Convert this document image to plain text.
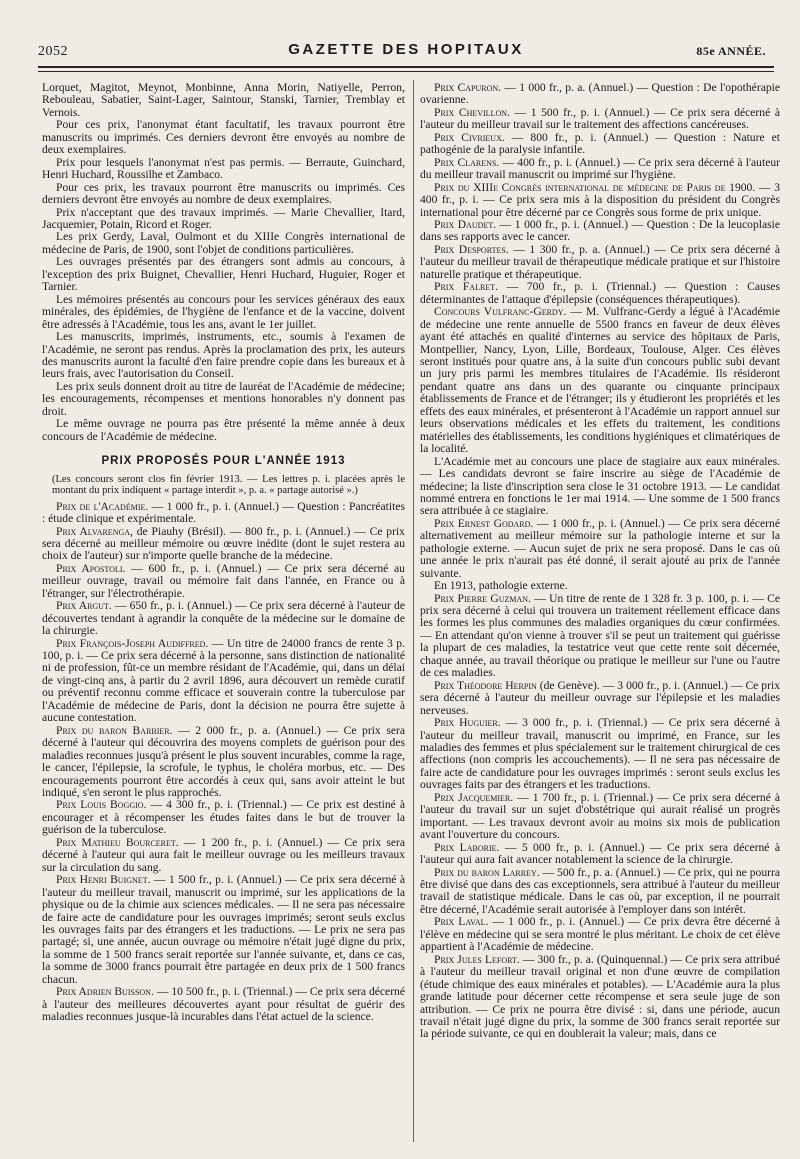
2052	GAZETTE DES HOPITAUX	85e ANNÉE.

Lorquet, Magitot, Meynot, Monbinne, Anna Morin, Natiyelle, Perron, Rebouleau, Sabatier, Saint-Lager, Saintour, Stanski, Tarnier, Tremblay et Vernois.

Pour ces prix, l'anonymat étant facultatif, les travaux pourront être manuscrits ou imprimés. Ces derniers devront être envoyés au nombre de deux exemplaires.

Prix pour lesquels l'anonymat n'est pas permis. — Berraute, Guinchard, Henri Huchard, Roussilhe et Zambaco.

Pour ces prix, les travaux pourront être manuscrits ou imprimés. Ces derniers devront être envoyés au nombre de deux exemplaires.

Prix n'acceptant que des travaux imprimés. — Marie Chevallier, Itard, Jacquemier, Potain, Ricord et Roger.

Les prix Gerdy, Laval, Oulmont et du XIIIe Congrès international de médecine de Paris, de 1900, sont l'objet de conditions particulières.

Les ouvrages présentés par des étrangers sont admis au concours, à l'exception des prix Buignet, Chevallier, Henri Huchard, Huguier, Roger et Tarnier.

Les mémoires présentés au concours pour les services généraux des eaux minérales, des épidémies, de l'hygiène de l'enfance et de la vaccine, doivent être adressés à l'Académie, tous les ans, avant le 1er juillet.

Les manuscrits, imprimés, instruments, etc., soumis à l'examen de l'Académie, ne seront pas rendus. Après la proclamation des prix, les auteurs des manuscrits auront la faculté d'en faire prendre copie dans les bureaux et à leurs frais, avec l'autorisation du Conseil.

Les prix seuls donnent droit au titre de lauréat de l'Académie de médecine; les encouragements, récompenses et mentions honorables n'y donnent pas droit.

Le même ouvrage ne pourra pas être présenté la même année à deux concours de l'Académie de médecine.

PRIX PROPOSÉS POUR L'ANNÉE 1913

(Les concours seront clos fin février 1913. — Les lettres p. i. placées après le montant du prix indiquent « partage interdit », p. a. « partage autorisé ».)

Prix de l'Académie. — 1 000 fr., p. i. (Annuel.) — Question : Pancréatites : étude clinique et expérimentale.

Prix Alvarenga, de Piauhy (Brésil). — 800 fr., p. i. (Annuel.) — Ce prix sera décerné au meilleur mémoire ou œuvre inédite (dont le sujet restera au choix de l'auteur) sur n'importe quelle branche de la médecine.

Prix Apostoli. — 600 fr., p. i. (Annuel.) — Ce prix sera décerné au meilleur ouvrage, travail ou mémoire fait dans l'année, en France ou à l'étranger, sur l'électrothérapie.

Prix Argut. — 650 fr., p. i. (Annuel.) — Ce prix sera décerné à l'auteur de découvertes tendant à agrandir la conquête de la médecine sur le domaine de la chirurgie.

Prix François-Joseph Audiffred. — Un titre de 24000 francs de rente 3 p. 100, p. i. — Ce prix sera décerné à la personne, sans distinction de nationalité ni de profession, fût-ce un membre résidant de l'Académie, qui, dans un délai de vingt-cinq ans, à partir du 2 avril 1896, aura découvert un remède curatif ou préventif reconnu comme efficace et souverain contre la tuberculose par l'Académie de médecine de Paris, dont la décision ne pourra être sujette à aucune contestation.

Prix du baron Barbier. — 2 000 fr., p. a. (Annuel.) — Ce prix sera décerné à l'auteur qui découvrira des moyens complets de guérison pour des maladies reconnues jusqu'à présent le plus souvent incurables, comme la rage, le cancer, l'épilepsie, la scrofule, le typhus, le choléra morbus, etc. — Des encouragements pourront être accordés à ceux qui, sans avoir atteint le but indiqué, s'en seront le plus rapprochés.

Prix Louis Boggio. — 4 300 fr., p. i. (Triennal.) — Ce prix est destiné à encourager et à récompenser les études faites dans le but de trouver la guérison de la tuberculose.

Prix Mathieu Bourceret. — 1 200 fr., p. i. (Annuel.) — Ce prix sera décerné à l'auteur qui aura fait le meilleur ouvrage ou les meilleurs travaux sur la circulation du sang.

Prix Henri Buignet. — 1 500 fr., p. i. (Annuel.) — Ce prix sera décerné à l'auteur du meilleur travail, manuscrit ou imprimé, sur les applications de la physique ou de la chimie aux sciences médicales. — Il ne sera pas nécessaire de faire acte de candidature pour les ouvrages imprimés; seront seuls exclus les ouvrages faits par des étrangers et les traductions. — Le prix ne sera pas partagé; si, une année, aucun ouvrage ou mémoire n'était jugé digne du prix, la somme de 1 500 francs serait reportée sur l'année suivante, et, dans ce cas, la somme de 3000 francs pourrait être partagée en deux prix de 1 500 francs chacun.

Prix Adrien Buisson. — 10 500 fr., p. i. (Triennal.) — Ce prix sera décerné à l'auteur des meilleures découvertes ayant pour résultat de guérir des maladies reconnues jusque-là incurables dans l'état actuel de la science.

Prix Capuron. — 1 000 fr., p. a. (Annuel.) — Question : De l'opothérapie ovarienne.

Prix Chevillon. — 1 500 fr., p. i. (Annuel.) — Ce prix sera décerné à l'auteur du meilleur travail sur le traitement des affections cancéreuses.

Prix Civrieux. — 800 fr., p. i. (Annuel.) — Question : Nature et pathogénie de la paralysie infantile.

Prix Clarens. — 400 fr., p. i. (Annuel.) — Ce prix sera décerné à l'auteur du meilleur travail manuscrit ou imprimé sur l'hygiène.

Prix du XIIIe Congrès international de médecine de Paris de 1900. — 3 400 fr., p. i. — Ce prix sera mis à la disposition du président du Congrès international pour être décerné par ce Congrès sous forme de prix unique.

Prix Daudet. — 1 000 fr., p. i. (Annuel.) — Question : De la leucoplasie dans ses rapports avec le cancer.

Prix Desportes. — 1 300 fr., p. a. (Annuel.) — Ce prix sera décerné à l'auteur du meilleur travail de thérapeutique médicale pratique et sur l'histoire naturelle pratique et thérapeutique.

Prix Falret. — 700 fr., p. i. (Triennal.) — Question : Causes déterminantes de l'attaque d'épilepsie (conséquences thérapeutiques).

Concours Vulfranc-Gerdy. — M. Vulfranc-Gerdy a légué à l'Académie de médecine une rente annuelle de 5500 francs en faveur de deux élèves ayant été attachés en qualité d'internes au service des hôpitaux de Paris, Montpellier, Nancy, Lyon, Lille, Bordeaux, Toulouse, Alger. Ces élèves seront institués pour quatre ans, à la suite d'un concours public subi devant un jury pris parmi les membres titulaires de l'Académie. Ils résideront pendant quatre ans dans un des quarante ou cinquante principaux établissements de France et de l'étranger; ils y étudieront les propriétés et les effets des eaux minérales, et présenteront à l'Académie un rapport annuel sur leurs observations médicales et les effets du traitement, les conditions matérielles des établissements, les conditions hygiéniques et climatériques de la localité.

L'Académie met au concours une place de stagiaire aux eaux minérales. — Les candidats devront se faire inscrire au siège de l'Académie de médecine; la liste d'inscription sera close le 31 octobre 1913. — Le candidat nommé entrera en fonctions le 1er mai 1914. — Une somme de 1 500 francs sera attribuée à ce stagiaire.

Prix Ernest Godard. — 1 000 fr., p. i. (Annuel.) — Ce prix sera décerné alternativement au meilleur mémoire sur la pathologie interne et sur la pathologie externe. — Aucun sujet de prix ne sera proposé. Dans le cas où une année le prix n'aurait pas été donné, il serait ajouté au prix de l'année suivante.

En 1913, pathologie externe.

Prix Pierre Guzman. — Un titre de rente de 1 328 fr. 3 p. 100, p. i. — Ce prix sera décerné à celui qui trouvera un traitement réellement efficace dans les formes les plus communes des maladies organiques du cœur confirmées. — En attendant qu'on vienne à trouver s'il se peut un traitement qui guérisse la plupart de ces maladies, la testatrice veut que cette rente soit décernée, chaque année, au travail théorique ou pratique le meilleur sur l'une ou l'autre de ces maladies.

Prix Théodore Herpin (de Genève). — 3 000 fr., p. i. (Annuel.) — Ce prix sera décerné à l'auteur du meilleur ouvrage sur l'épilepsie et les maladies nerveuses.

Prix Huguier. — 3 000 fr., p. i. (Triennal.) — Ce prix sera décerné à l'auteur du meilleur travail, manuscrit ou imprimé, en France, sur les maladies des femmes et plus spécialement sur le traitement chirurgical de ces affections (non compris les accouchements). — Il ne sera pas nécessaire de faire acte de candidature pour les ouvrages imprimés : seront seuls exclus les ouvrages faits par des étrangers et les traductions.

Prix Jacquemier. — 1 700 fr., p. i. (Triennal.) — Ce prix sera décerné à l'auteur du travail sur un sujet d'obstétrique qui aurait réalisé un progrès important. — Les travaux devront avoir au moins six mois de publication avant l'ouverture du concours.

Prix Laborie. — 5 000 fr., p. i. (Annuel.) — Ce prix sera décerné à l'auteur qui aura fait avancer notablement la science de la chirurgie.

Prix du baron Larrey. — 500 fr., p. a. (Annuel.) — Ce prix, qui ne pourra être divisé que dans des cas exceptionnels, sera attribué à l'auteur du meilleur travail de statistique médicale. Dans le cas où, par exception, il ne pourrait être décerné, l'Académie serait autorisée à l'employer dans son intérêt.

Prix Laval. — 1 000 fr., p. i. (Annuel.) — Ce prix devra être décerné à l'élève en médecine qui se sera montré le plus méritant. Le choix de cet élève appartient à l'Académie de médecine.

Prix Jules Lefort. — 300 fr., p. a. (Quinquennal.) — Ce prix sera attribué à l'auteur du meilleur travail original et non d'une œuvre de compilation (étude chimique des eaux minérales et potables). — L'Académie aura la plus grande latitude pour décerner cette récompense et sera seule juge de son attribution. — Ce prix ne pourra être divisé : si, dans une période, aucun travail n'était jugé digne du prix, la somme de 300 francs serait reportée sur la période suivante, ce qui en doublerait la valeur; mais, dans ce
